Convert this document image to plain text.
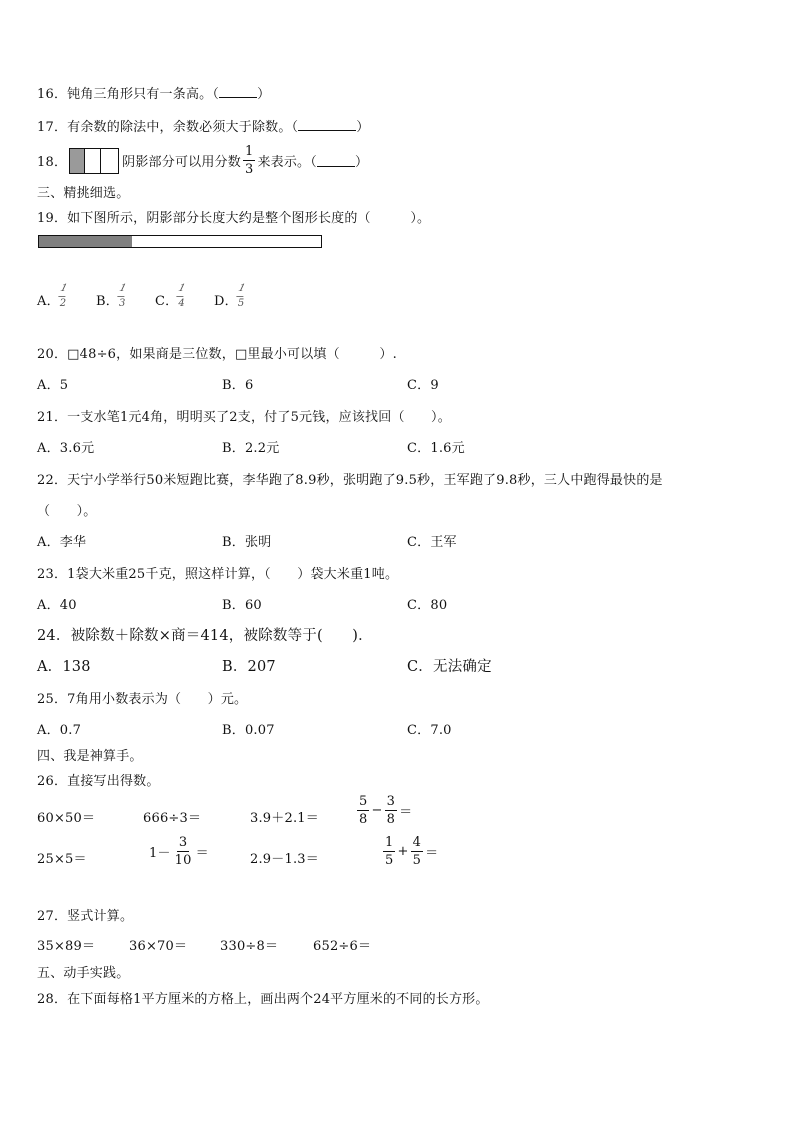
16．钝角三角形只有一条高。（	）
17．有余数的除法中，余数必须大于除数。（	）
18．	阴影部分可以用分数 $\frac{1}{3}$ 来表示。（	）
三、精挑细选。
19．如下图所示，阴影部分长度大约是整个图形长度的（　　　）。
A．
1
2 B．
1
3 C．
1
4 D．
1
5
20．□48÷6，如果商是三位数，□里最小可以填（　　　）.
A．5	B．6	C．9
21．一支水笔1元4角，明明买了2支，付了5元钱，应该找回（　　）。
A．3.6元	B．2.2元	C．1.6元
22．天宁小学举行50米短跑比赛，李华跑了8.9秒，张明跑了9.5秒，王军跑了9.8秒，三人中跑得最快的是
（　　）。
A．李华	B．张明	C．王军
23．1袋大米重25千克，照这样计算，（　　）袋大米重1吨。
A．40	B．60	C．80
24．被除数＋除数×商＝414，被除数等于(　　)．
A．138	B．207	C．无法确定
25．7角用小数表示为（　　）元。
A．0.7	B．0.07	C．7.0
四、我是神算手。
26．直接写出得数。
60×50＝	666÷3＝	3.9＋2.1＝	$\frac{5}{8} - \frac{3}{8}$ ＝
25×5＝	$1- \frac{3}{10}$ ＝	2.9－1.3＝	$\frac{1}{5} + \frac{4}{5}$ ＝
27．竖式计算。
35×89＝	36×70＝	330÷8＝	652÷6＝
五、动手实践。
28．在下面每格1平方厘米的方格上，画出两个24平方厘米的不同的长方形。
